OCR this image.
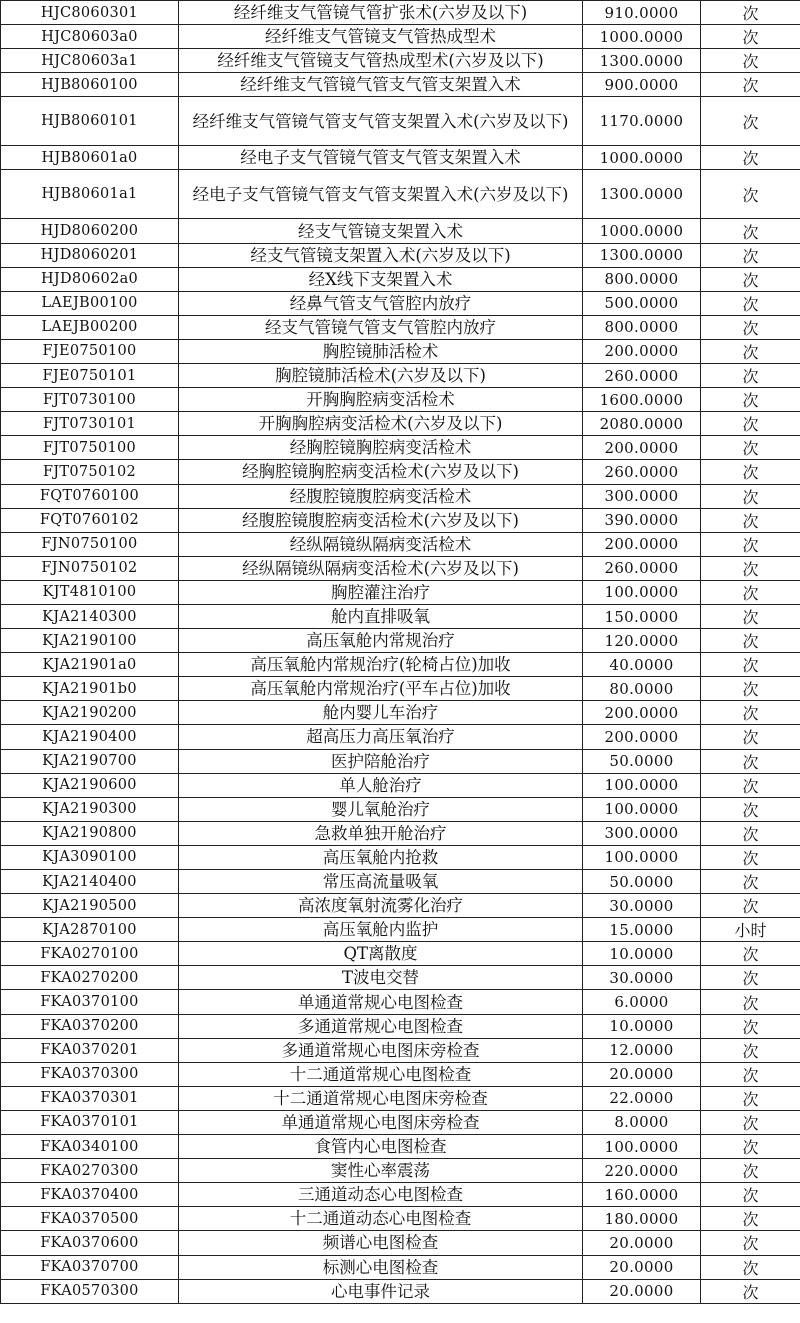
HJC8060301	经纤维支气管镜气管扩张术(六岁及以下)	910.0000	次
HJC80603a0	经纤维支气管镜支气管热成型术	1000.0000	次
HJC80603a1	经纤维支气管镜支气管热成型术(六岁及以下)	1300.0000	次
HJB8060100	经纤维支气管镜气管支气管支架置入术	900.0000	次
HJB8060101	经纤维支气管镜气管支气管支架置入术(六岁及以下)	1170.0000	次
HJB80601a0	经电子支气管镜气管支气管支架置入术	1000.0000	次
HJB80601a1	经电子支气管镜气管支气管支架置入术(六岁及以下)	1300.0000	次
HJD8060200	经支气管镜支架置入术	1000.0000	次
HJD8060201	经支气管镜支架置入术(六岁及以下)	1300.0000	次
HJD80602a0	经X线下支架置入术	800.0000	次
LAEJB00100	经鼻气管支气管腔内放疗	500.0000	次
LAEJB00200	经支气管镜气管支气管腔内放疗	800.0000	次
FJE0750100	胸腔镜肺活检术	200.0000	次
FJE0750101	胸腔镜肺活检术(六岁及以下)	260.0000	次
FJT0730100	开胸胸腔病变活检术	1600.0000	次
FJT0730101	开胸胸腔病变活检术(六岁及以下)	2080.0000	次
FJT0750100	经胸腔镜胸腔病变活检术	200.0000	次
FJT0750102	经胸腔镜胸腔病变活检术(六岁及以下)	260.0000	次
FQT0760100	经腹腔镜腹腔病变活检术	300.0000	次
FQT0760102	经腹腔镜腹腔病变活检术(六岁及以下)	390.0000	次
FJN0750100	经纵隔镜纵隔病变活检术	200.0000	次
FJN0750102	经纵隔镜纵隔病变活检术(六岁及以下)	260.0000	次
KJT4810100	胸腔灌注治疗	100.0000	次
KJA2140300	舱内直排吸氧	150.0000	次
KJA2190100	高压氧舱内常规治疗	120.0000	次
KJA21901a0	高压氧舱内常规治疗(轮椅占位)加收	40.0000	次
KJA21901b0	高压氧舱内常规治疗(平车占位)加收	80.0000	次
KJA2190200	舱内婴儿车治疗	200.0000	次
KJA2190400	超高压力高压氧治疗	200.0000	次
KJA2190700	医护陪舱治疗	50.0000	次
KJA2190600	单人舱治疗	100.0000	次
KJA2190300	婴儿氧舱治疗	100.0000	次
KJA2190800	急救单独开舱治疗	300.0000	次
KJA3090100	高压氧舱内抢救	100.0000	次
KJA2140400	常压高流量吸氧	50.0000	次
KJA2190500	高浓度氧射流雾化治疗	30.0000	次
KJA2870100	高压氧舱内监护	15.0000	小时
FKA0270100	QT离散度	10.0000	次
FKA0270200	T波电交替	30.0000	次
FKA0370100	单通道常规心电图检查	6.0000	次
FKA0370200	多通道常规心电图检查	10.0000	次
FKA0370201	多通道常规心电图床旁检查	12.0000	次
FKA0370300	十二通道常规心电图检查	20.0000	次
FKA0370301	十二通道常规心电图床旁检查	22.0000	次
FKA0370101	单通道常规心电图床旁检查	8.0000	次
FKA0340100	食管内心电图检查	100.0000	次
FKA0270300	窦性心率震荡	220.0000	次
FKA0370400	三通道动态心电图检查	160.0000	次
FKA0370500	十二通道动态心电图检查	180.0000	次
FKA0370600	频谱心电图检查	20.0000	次
FKA0370700	标测心电图检查	20.0000	次
FKA0570300	心电事件记录	20.0000	次
